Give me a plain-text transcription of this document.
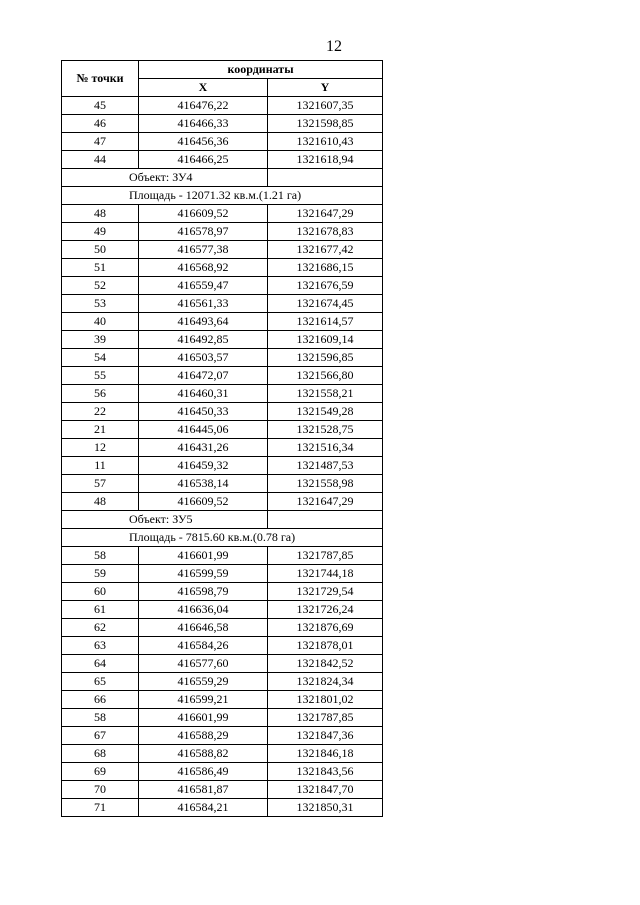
12
№ точки	координаты	
	X	Y
45	416476,22	1321607,35
46	416466,33	1321598,85
47	416456,36	1321610,43
44	416466,25	1321618,94
Объект: ЗУ4		
Площадь - 12071.32 кв.м.(1.21 га)		
48	416609,52	1321647,29
49	416578,97	1321678,83
50	416577,38	1321677,42
51	416568,92	1321686,15
52	416559,47	1321676,59
53	416561,33	1321674,45
40	416493,64	1321614,57
39	416492,85	1321609,14
54	416503,57	1321596,85
55	416472,07	1321566,80
56	416460,31	1321558,21
22	416450,33	1321549,28
21	416445,06	1321528,75
12	416431,26	1321516,34
11	416459,32	1321487,53
57	416538,14	1321558,98
48	416609,52	1321647,29
Объект: ЗУ5		
Площадь - 7815.60 кв.м.(0.78 га)		
58	416601,99	1321787,85
59	416599,59	1321744,18
60	416598,79	1321729,54
61	416636,04	1321726,24
62	416646,58	1321876,69
63	416584,26	1321878,01
64	416577,60	1321842,52
65	416559,29	1321824,34
66	416599,21	1321801,02
58	416601,99	1321787,85
67	416588,29	1321847,36
68	416588,82	1321846,18
69	416586,49	1321843,56
70	416581,87	1321847,70
71	416584,21	1321850,31
